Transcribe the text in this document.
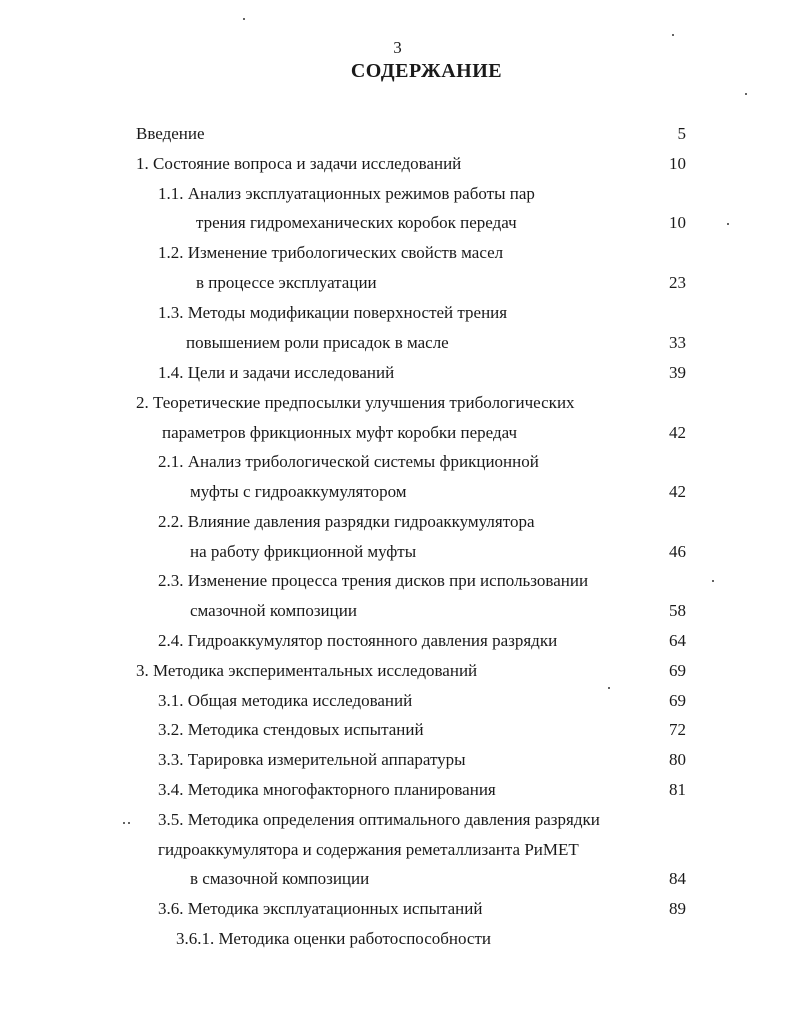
3
СОДЕРЖАНИЕ
Введение	5
1. Состояние вопроса и задачи исследований	10
1.1. Анализ эксплуатационных режимов работы пар
трения гидромеханических коробок передач	10
1.2. Изменение трибологических свойств масел
в процессе эксплуатации	23
1.3. Методы модификации поверхностей трения
повышением роли присадок в масле	33
1.4. Цели и задачи исследований	39
2. Теоретические предпосылки улучшения трибологических
параметров фрикционных муфт коробки передач	42
2.1. Анализ трибологической системы фрикционной
муфты с гидроаккумулятором	42
2.2. Влияние давления разрядки гидроаккумулятора
на работу фрикционной муфты	46
2.3. Изменение процесса трения дисков при использовании
смазочной композиции	58
2.4. Гидроаккумулятор постоянного давления разрядки	64
3. Методика экспериментальных исследований	69
3.1. Общая методика исследований	69
3.2. Методика стендовых испытаний	72
3.3. Тарировка измерительной аппаратуры	80
3.4. Методика многофакторного планирования	81
3.5. Методика определения оптимального давления разрядки
гидроаккумулятора и содержания реметаллизанта РиМЕТ
в смазочной композиции	84
3.6. Методика эксплуатационных испытаний	89
3.6.1. Методика оценки работоспособности
